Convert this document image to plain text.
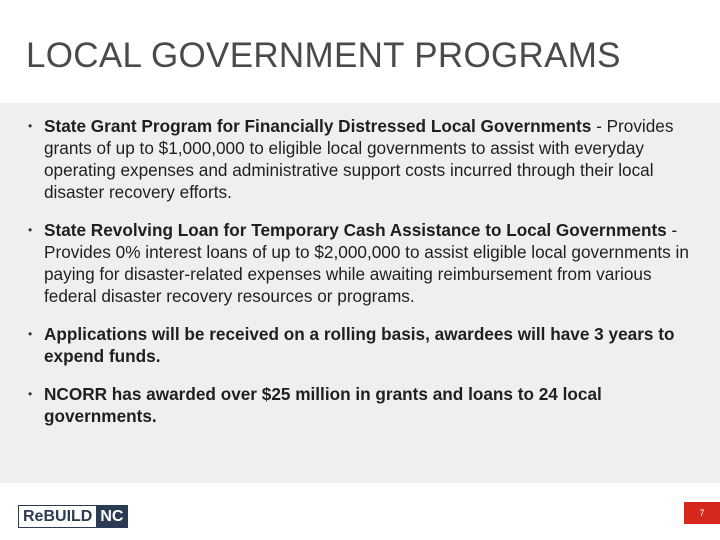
LOCAL GOVERNMENT PROGRAMS
• State Grant Program for Financially Distressed Local Governments - Provides grants of up to $1,000,000 to eligible local governments to assist with everyday operating expenses and administrative support costs incurred through their local disaster recovery efforts.
• State Revolving Loan for Temporary Cash Assistance to Local Governments - Provides 0% interest loans of up to $2,000,000 to assist eligible local governments in paying for disaster-related expenses while awaiting reimbursement from various federal disaster recovery resources or programs.
• Applications will be received on a rolling basis, awardees will have 3 years to expend funds.
• NCORR has awarded over $25 million in grants and loans to 24 local governments.
ReBUILD NC	7
